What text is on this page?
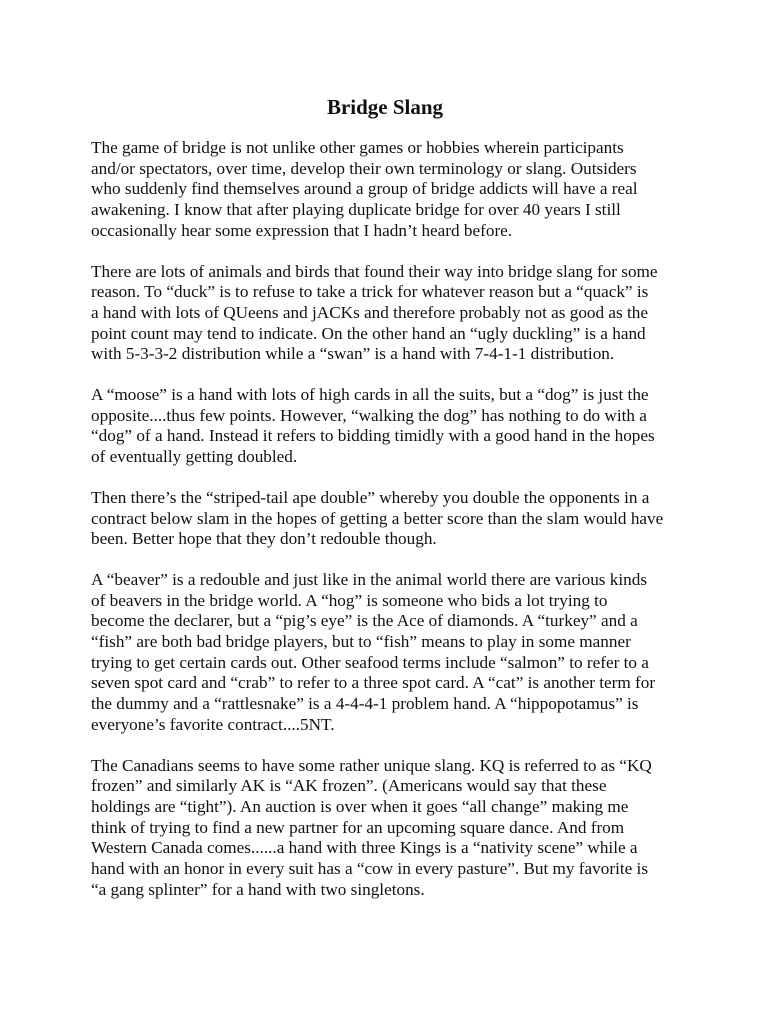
Bridge Slang

The game of bridge is not unlike other games or hobbies wherein participants
and/or spectators, over time, develop their own terminology or slang. Outsiders
who suddenly find themselves around a group of bridge addicts will have a real
awakening. I know that after playing duplicate bridge for over 40 years I still
occasionally hear some expression that I hadn’t heard before.

There are lots of animals and birds that found their way into bridge slang for some
reason. To “duck” is to refuse to take a trick for whatever reason but a “quack” is
a hand with lots of QUeens and jACKs and therefore probably not as good as the
point count may tend to indicate. On the other hand an “ugly duckling” is a hand
with 5-3-3-2 distribution while a “swan” is a hand with 7-4-1-1 distribution.

A “moose” is a hand with lots of high cards in all the suits, but a “dog” is just the
opposite....thus few points. However, “walking the dog” has nothing to do with a
“dog” of a hand. Instead it refers to bidding timidly with a good hand in the hopes
of eventually getting doubled.

Then there’s the “striped-tail ape double” whereby you double the opponents in a
contract below slam in the hopes of getting a better score than the slam would have
been. Better hope that they don’t redouble though.

A “beaver” is a redouble and just like in the animal world there are various kinds
of beavers in the bridge world. A “hog” is someone who bids a lot trying to
become the declarer, but a “pig’s eye” is the Ace of diamonds. A “turkey” and a
“fish” are both bad bridge players, but to “fish” means to play in some manner
trying to get certain cards out. Other seafood terms include “salmon” to refer to a
seven spot card and “crab” to refer to a three spot card. A “cat” is another term for
the dummy and a “rattlesnake” is a 4-4-4-1 problem hand. A “hippopotamus” is
everyone’s favorite contract....5NT.

The Canadians seems to have some rather unique slang. KQ is referred to as “KQ
frozen” and similarly AK is “AK frozen”. (Americans would say that these
holdings are “tight”). An auction is over when it goes “all change” making me
think of trying to find a new partner for an upcoming square dance. And from
Western Canada comes......a hand with three Kings is a “nativity scene” while a
hand with an honor in every suit has a “cow in every pasture”. But my favorite is
“a gang splinter” for a hand with two singletons.
